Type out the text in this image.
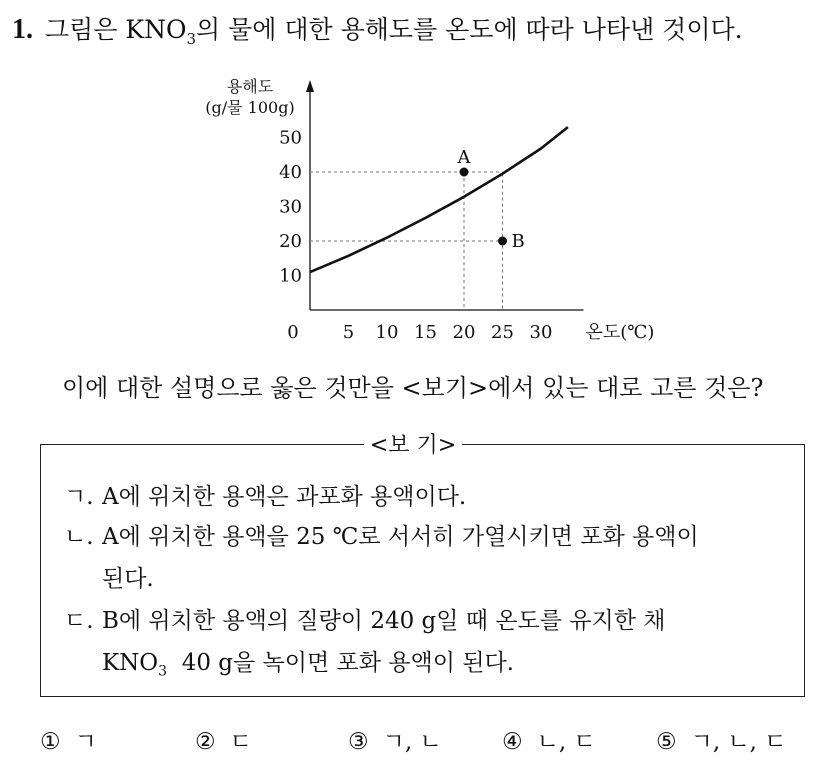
1. 그림은 $KNO_3$의 물에 대한 용해도를 온도에 따라 나타낸 것이다.
용해도
(g/물 100g)
온도(℃)
0 5 10 15 20 25 30
10
20
30
40
50
A
B
이에 대한 설명으로 옳은 것만을 <보기>에서 있는 대로 고른 것은?
<보 기>
ㄱ. A에 위치한 용액은 과포화 용액이다.
ㄴ. A에 위치한 용액을 25 ℃로 서서히 가열시키면 포화 용액이
된다.
ㄷ. B에 위치한 용액의 질량이 240 g일 때 온도를 유지한 채
$KNO_3$  40 g을 녹이면 포화 용액이 된다.
① ㄱ	② ㄷ	③ ㄱ, ㄴ	④ ㄴ, ㄷ	⑤ ㄱ, ㄴ, ㄷ
